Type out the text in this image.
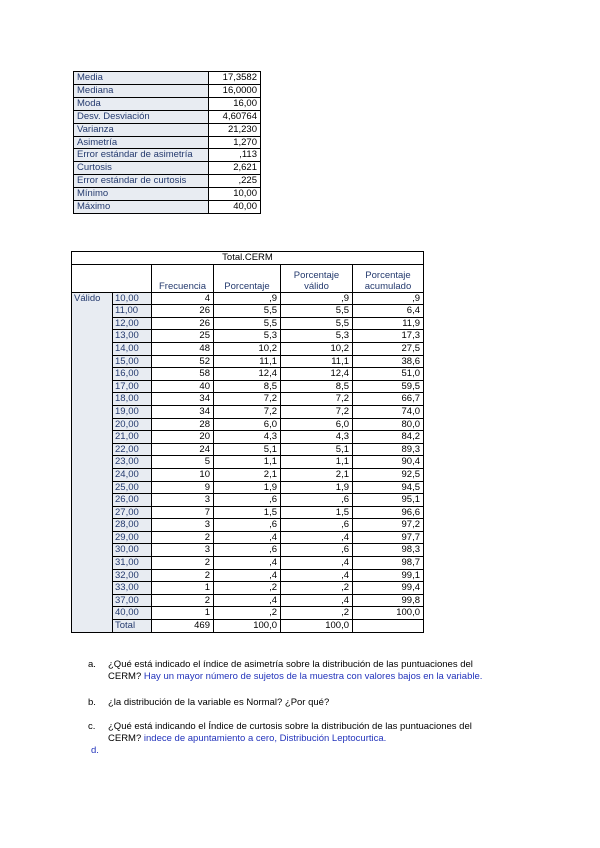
Media	17,3582
Mediana	16,0000
Moda	16,00
Desv. Desviación	4,60764
Varianza	21,230
Asimetría	1,270
Error estándar de asimetría	,113
Curtosis	2,621
Error estándar de curtosis	,225
Mínimo	10,00
Máximo	40,00
Total.CERM					
		Frecuencia	Porcentaje	Porcentaje válido	Porcentaje acumulado
Válido	10,00	4	,9	,9	,9
	11,00	26	5,5	5,5	6,4
	12,00	26	5,5	5,5	11,9
	13,00	25	5,3	5,3	17,3
	14,00	48	10,2	10,2	27,5
	15,00	52	11,1	11,1	38,6
	16,00	58	12,4	12,4	51,0
	17,00	40	8,5	8,5	59,5
	18,00	34	7,2	7,2	66,7
	19,00	34	7,2	7,2	74,0
	20,00	28	6,0	6,0	80,0
	21,00	20	4,3	4,3	84,2
	22,00	24	5,1	5,1	89,3
	23,00	5	1,1	1,1	90,4
	24,00	10	2,1	2,1	92,5
	25,00	9	1,9	1,9	94,5
	26,00	3	,6	,6	95,1
	27,00	7	1,5	1,5	96,6
	28,00	3	,6	,6	97,2
	29,00	2	,4	,4	97,7
	30,00	3	,6	,6	98,3
	31,00	2	,4	,4	98,7
	32,00	2	,4	,4	99,1
	33,00	1	,2	,2	99,4
	37,00	2	,4	,4	99,8
	40,00	1	,2	,2	100,0
	Total	469	100,0	100,0	
a. ¿Qué está indicado el índice de asimetría sobre la distribución de las puntuaciones del
CERM? Hay un mayor número de sujetos de la muestra con valores bajos en la variable.
b. ¿la distribución de la variable es Normal? ¿Por qué?
c. ¿Qué está indicando el Índice de curtosis sobre la distribución de las puntuaciones del
CERM? indece de apuntamiento a cero, Distribución Leptocurtica.
d.
